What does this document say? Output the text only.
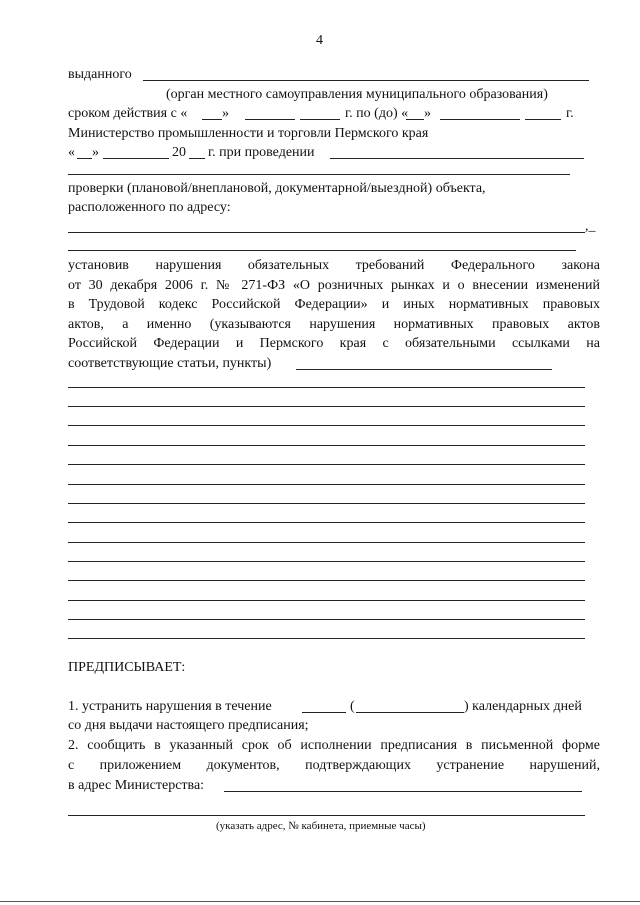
4
выданного
(орган местного самоуправления муниципального образования)
сроком действия с « »	г. по (до) « »	г.
Министерство промышленности и торговли Пермского края
« »	20 г. при проведении
проверки (плановой/внеплановой, документарной/выездной) объекта,
расположенного по адресу:
,_
установив нарушения обязательных требований Федерального закона
от 30 декабря 2006 г. № 271-ФЗ «О розничных рынках и о внесении изменений
в Трудовой кодекс Российской Федерации» и иных нормативных правовых
актов, а именно (указываются нарушения нормативных правовых актов
Российской Федерации и Пермского края с обязательными ссылками на
соответствующие статьи, пункты)
ПРЕДПИСЫВАЕТ:
1. устранить нарушения в течение	(	) календарных дней
со дня выдачи настоящего предписания;
2. сообщить в указанный срок об исполнении предписания в письменной форме
с приложением документов, подтверждающих устранение нарушений,
в адрес Министерства:
(указать адрес, № кабинета, приемные часы)
